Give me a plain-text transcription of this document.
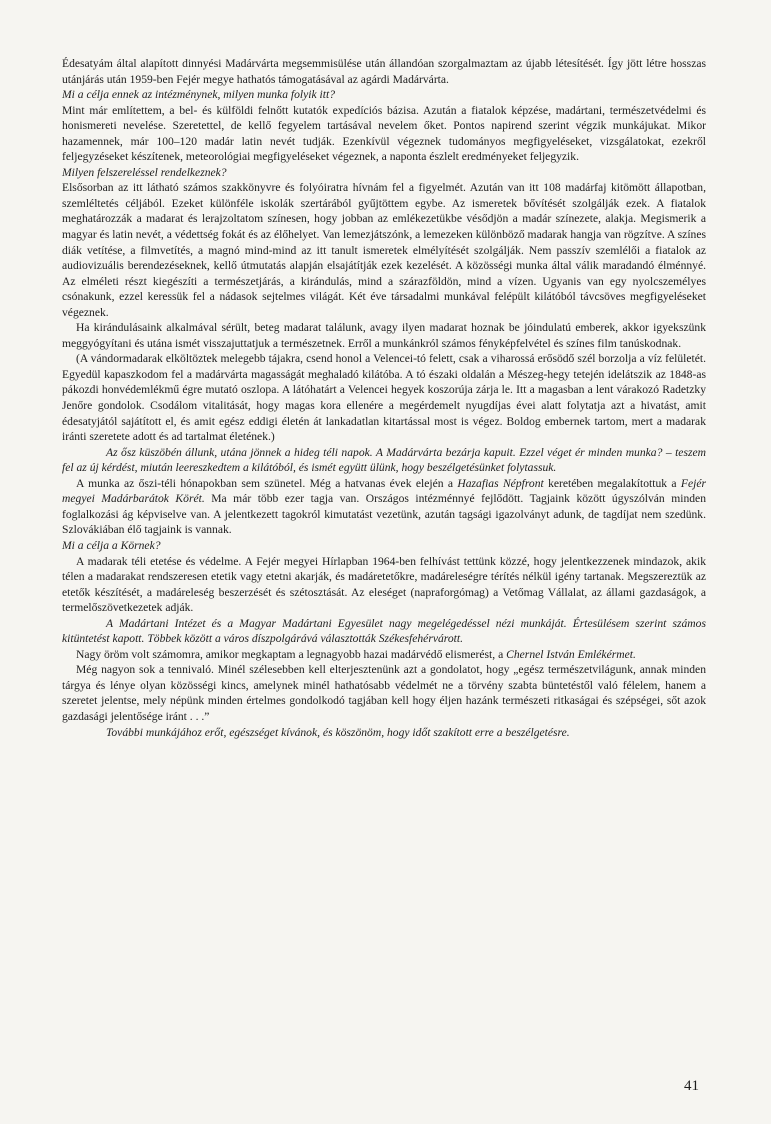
Édesatyám által alapított dinnyési Madárvárta megsemmisülése után állandóan szorgalmaztam az újabb létesítését. Így jött létre hosszas utánjárás után 1959-ben Fejér megye hathatós támogatásával az agárdi Madárvárta.

Mi a célja ennek az intézménynek, milyen munka folyik itt?

Mint már említettem, a bel- és külföldi felnőtt kutatók expedíciós bázisa. Azután a fiatalok képzése, madártani, természetvédelmi és honismereti nevelése. Szeretettel, de kellő fegyelem tartásával nevelem őket. Pontos napirend szerint végzik munkájukat. Mikor hazamennek, már 100–120 madár latin nevét tudják. Ezenkívül végeznek tudományos megfigyeléseket, vizsgálatokat, ezekről feljegyzéseket készítenek, meteorológiai megfigyeléseket végeznek, a naponta észlelt eredményeket feljegyzik.

Milyen felszereléssel rendelkeznek?

Elsősorban az itt látható számos szakkönyvre és folyóiratra hívnám fel a figyelmét. Azután van itt 108 madárfaj kitömött állapotban, szemléltetés céljából. Ezeket különféle iskolák szertárából gyűjtöttem egybe. Az ismeretek bővítését szolgálják ezek. A fiatalok meghatározzák a madarat és lerajzoltatom színesen, hogy jobban az emlékezetükbe vésődjön a madár színezete, alakja. Megismerik a magyar és latin nevét, a védettség fokát és az élőhelyet. Van lemezjátszónk, a lemezeken különböző madarak hangja van rögzítve. A színes diák vetítése, a filmvetítés, a magnó mind-mind az itt tanult ismeretek elmélyítését szolgálják. Nem passzív szemlélői a fiatalok az audiovizuális berendezéseknek, kellő útmutatás alapján elsajátítják ezek kezelését. A közösségi munka által válik maradandó élménnyé. Az elméleti részt kiegészíti a természetjárás, a kirándulás, mind a szárazföldön, mind a vízen. Ugyanis van egy nyolcszemélyes csónakunk, ezzel keressük fel a nádasok sejtelmes világát. Két éve társadalmi munkával felépült kilátóból távcsöves megfigyeléseket végeznek.

Ha kirándulásaink alkalmával sérült, beteg madarat találunk, avagy ilyen madarat hoznak be jóindulatú emberek, akkor igyekszünk meggyógyítani és utána ismét visszajuttatjuk a természetnek. Erről a munkánkról számos fényképfelvétel és színes film tanúskodnak.

(A vándormadarak elköltöztek melegebb tájakra, csend honol a Velencei-tó felett, csak a viharossá erősödő szél borzolja a víz felületét. Egyedül kapaszkodom fel a madárvárta magasságát meghaladó kilátóba. A tó északi oldalán a Mészeg-hegy tetején idelátszik az 1848-as pákozdi honvédemlékmű égre mutató oszlopa. A látóhatárt a Velencei hegyek koszorúja zárja le. Itt a magasban a lent várakozó Radetzky Jenőre gondolok. Csodálom vitalitását, hogy magas kora ellenére a megérdemelt nyugdíjas évei alatt folytatja azt a hivatást, amit édesatyjától sajátított el, és amit egész eddigi életén át lankadatlan kitartással most is végez. Boldog embernek tartom, mert a madarak iránti szeretete adott és ad tartalmat életének.)

Az ősz küszöbén állunk, utána jönnek a hideg téli napok. A Madárvárta bezárja kapuit. Ezzel véget ér minden munka? – teszem fel az új kérdést, miután leereszkedtem a kilátóból, és ismét együtt ülünk, hogy beszélgetésünket folytassuk.

A munka az őszi-téli hónapokban sem szünetel. Még a hatvanas évek elején a Hazafias Népfront keretében megalakítottuk a Fejér megyei Madárbarátok Körét. Ma már több ezer tagja van. Országos intézménnyé fejlődött. Tagjaink között úgyszólván minden foglalkozási ág képviselve van. A jelentkezett tagokról kimutatást vezetünk, azután tagsági igazolványt adunk, de tagdíjat nem szedünk. Szlovákiában élő tagjaink is vannak.

Mi a célja a Körnek?

A madarak téli etetése és védelme. A Fejér megyei Hírlapban 1964-ben felhívást tettünk közzé, hogy jelentkezzenek mindazok, akik télen a madarakat rendszeresen etetik vagy etetni akarják, és madáretetőkre, madáreleségre térítés nélkül igény tartanak. Megszereztük az etetők készítését, a madáreleség beszerzését és szétosztását. Az eleséget (napraforgómag) a Vetőmag Vállalat, az állami gazdaságok, a termelőszövetkezetek adják.

A Madártani Intézet és a Magyar Madártani Egyesület nagy megelégedéssel nézi munkáját. Értesülésem szerint számos kitüntetést kapott. Többek között a város díszpolgárává választották Székesfehérvárott.

Nagy öröm volt számomra, amikor megkaptam a legnagyobb hazai madárvédő elismerést, a Chernel István Emlékérmet.

Még nagyon sok a tennivaló. Minél szélesebben kell elterjesztenünk azt a gondolatot, hogy „egész természetvilágunk, annak minden tárgya és lénye olyan közösségi kincs, amelynek minél hathatósabb védelmét ne a törvény szabta büntetéstől való félelem, hanem a szeretet jelentse, mely népünk minden értelmes gondolkodó tagjában kell hogy éljen hazánk természeti ritkaságai és szépségei, sőt azok gazdasági jelentősége iránt . . .”

További munkájához erőt, egészséget kívánok, és köszönöm, hogy időt szakított erre a beszélgetésre.

41
